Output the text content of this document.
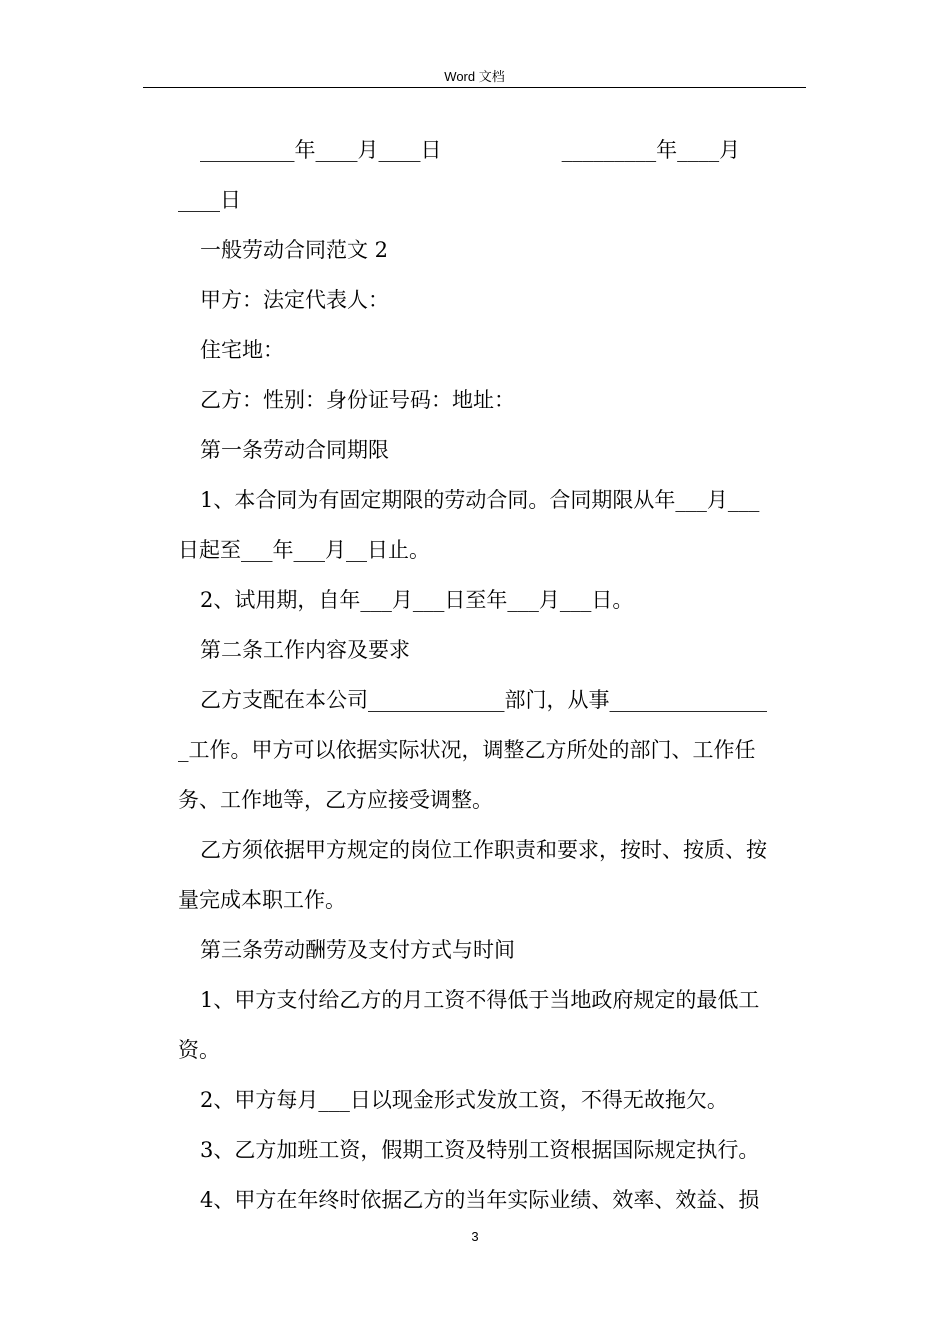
Word 文档
_________年____月____日                  _________年____月
____日
一般劳动合同范文 2
甲方：法定代表人：
住宅地：
乙方：性别：身份证号码：地址：
第一条劳动合同期限
1、本合同为有固定期限的劳动合同。合同期限从年___月___
日起至___年___月__日止。
2、试用期，自年___月___日至年___月___日。
第二条工作内容及要求
乙方支配在本公司_____________部门，从事_______________
_工作。甲方可以依据实际状况，调整乙方所处的部门、工作任
务、工作地等，乙方应接受调整。
乙方须依据甲方规定的岗位工作职责和要求，按时、按质、按
量完成本职工作。
第三条劳动酬劳及支付方式与时间
1、甲方支付给乙方的月工资不得低于当地政府规定的最低工
资。
2、甲方每月___日以现金形式发放工资，不得无故拖欠。
3、乙方加班工资，假期工资及特别工资根据国际规定执行。
4、甲方在年终时依据乙方的当年实际业绩、效率、效益、损
3
